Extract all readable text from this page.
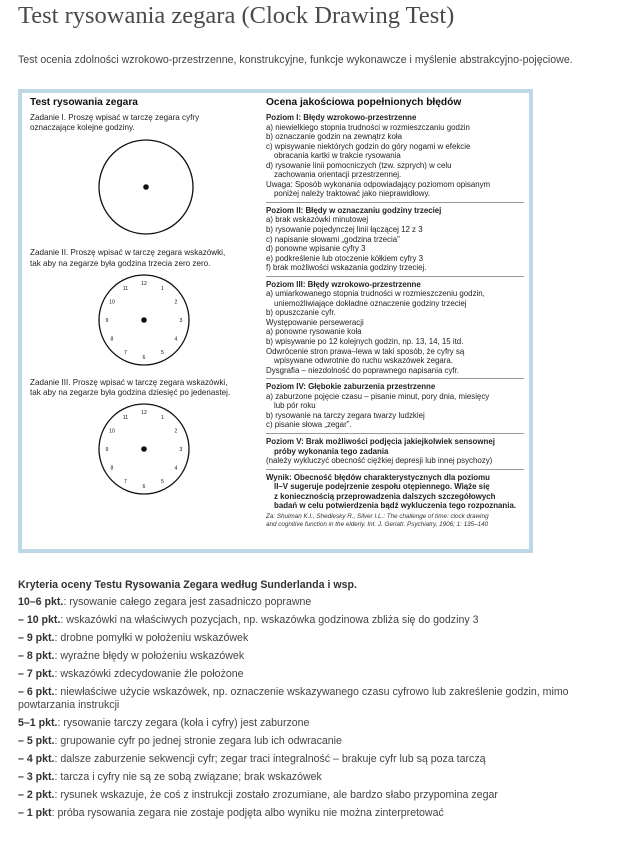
Test rysowania zegara (Clock Drawing Test)
Test ocenia zdolności wzrokowo-przestrzenne, konstrukcyjne, funkcje wykonawcze i myślenie abstrakcyjno-pojęciowe.
Test rysowania zegara
Zadanie I. Proszę wpisać w tarczę zegara cyfry
oznaczające kolejne godziny.
Zadanie II. Proszę wpisać w tarczę zegara wskazówki,
tak aby na zegarze była godzina trzecia zero zero.
12
1
2
3
4
5
6
7
8
9
10
11
Zadanie III. Proszę wpisać w tarczę zegara wskazówki,
tak aby na zegarze była godzina dziesięć po jedenastej.
12
1
2
3
4
5
6
7
8
9
10
11
Ocena jakościowa popełnionych błędów
Poziom I: Błędy wzrokowo-przestrzenne
a) niewielkiego stopnia trudności w rozmieszczaniu godzin
b) oznaczanie godzin na zewnątrz koła
c) wpisywanie niektórych godzin do góry nogami w efekcie
obracania kartki w trakcie rysowania
d) rysowanie linii pomocniczych (tzw. szprych) w celu
zachowania orientacji przestrzennej.
Uwaga: Sposób wykonania odpowiadający poziomom opisanym
poniżej należy traktować jako nieprawidłowy.
Poziom II: Błędy w oznaczaniu godziny trzeciej
a) brak wskazówki minutowej
b) rysowanie pojedynczej linii łączącej 12 z 3
c) napisanie słowami „godzina trzecia”
d) ponowne wpisanie cyfry 3
e) podkreślenie lub otoczenie kółkiem cyfry 3
f) brak możliwości wskazania godziny trzeciej.
Poziom III: Błędy wzrokowo-przestrzenne
a) umiarkowanego stopnia trudności w rozmieszczeniu godzin,
uniemożliwiające dokładne oznaczenie godziny trzeciej
b) opuszczanie cyfr.
Występowanie perseweracji
a) ponowne rysowanie koła
b) wpisywanie po 12 kolejnych godzin, np. 13, 14, 15 itd.
Odwrócenie stron prawa–lewa w taki sposób, że cyfry są
wpisywane odwrotnie do ruchu wskazówek zegara.
Dysgrafia – niezdolność do poprawnego napisania cyfr.
Poziom IV: Głębokie zaburzenia przestrzenne
a) zaburzone pojęcie czasu – pisanie minut, pory dnia, miesięcy
lub pór roku
b) rysowanie na tarczy zegara twarzy ludzkiej
c) pisanie słowa „zegar”.
Poziom V: Brak możliwości podjęcia jakiejkolwiek sensownej
próby wykonania tego zadania
(należy wykluczyć obecność ciężkiej depresji lub innej psychozy)
Wynik: Obecność błędów charakterystycznych dla poziomu
II–V sugeruje podejrzenie zespołu otępiennego. Wiąże się
z koniecznością przeprowadzenia dalszych szczegółowych
badań w celu potwierdzenia bądź wykluczenia tego rozpoznania.
Za: Shulman K.I., Shedlesky R., Silver I.L.: The challenge of time: clock drawing
and cognitive function in the elderly. Int. J. Geriatr. Psychiatry, 1906; 1: 135–140
Kryteria oceny Testu Rysowania Zegara według Sunderlanda i wsp.
10–6 pkt.: rysowanie całego zegara jest zasadniczo poprawne
– 10 pkt.: wskazówki na właściwych pozycjach, np. wskazówka godzinowa zbliża się do godziny 3
– 9 pkt.: drobne pomyłki w położeniu wskazówek
– 8 pkt.: wyraźne błędy w położeniu wskazówek
– 7 pkt.: wskazówki zdecydowanie źle położone
– 6 pkt.: niewłaściwe użycie wskazówek, np. oznaczenie wskazywanego czasu cyfrowo lub zakreślenie godzin, mimo powtarzania instrukcji
5–1 pkt.: rysowanie tarczy zegara (koła i cyfry) jest zaburzone
– 5 pkt.: grupowanie cyfr po jednej stronie zegara lub ich odwracanie
– 4 pkt.: dalsze zaburzenie sekwencji cyfr; zegar traci integralność – brakuje cyfr lub są poza tarczą
– 3 pkt.: tarcza i cyfry nie są ze sobą związane; brak wskazówek
– 2 pkt.: rysunek wskazuje, że coś z instrukcji zostało zrozumiane, ale bardzo słabo przypomina zegar
– 1 pkt: próba rysowania zegara nie zostaje podjęta albo wyniku nie można zinterpretować
